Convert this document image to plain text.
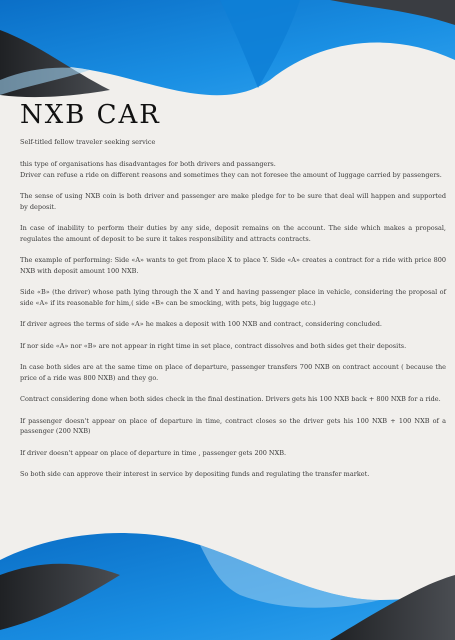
NXB CAR

Self-titled fellow traveler seeking service

this type of organisations has disadvantages for both drivers and passangers.
Driver can refuse a ride on different reasons and sometimes they can not foresee the amount of luggage carried by passengers.

The sense of using NXB coin is both driver and passenger are make pledge for to be sure that deal will happen and supported by deposit.

In case of inability to perform their duties by any side, deposit remains on the account. The side which makes a proposal, regulates the amount of deposit to be sure it takes responsibility and attracts contracts.

The example of performing: Side «A» wants to get from place X to place Y. Side «A» creates a contract for a ride with price 800 NXB with deposit amount 100 NXB.

Side «B» (the driver) whose path lying through the X and Y and having passenger place in vehicle, considering the proposal of side «A» if its reasonable for him,( side «B» can be smocking, with pets, big luggage etc.)

If driver agrees the terms of side «A» he makes a deposit with 100 NXB and contract, considering concluded.

If nor side «A» nor «B» are not appear in right time in set place, contract dissolves and both sides get their deposits.

In case both sides are at the same time on place of departure, passenger transfers 700 NXB on contract account ( because the price of a ride was 800 NXB) and they go.

Contract considering done when both sides check in the final destination. Drivers gets his 100 NXB back + 800 NXB for a ride.

If passenger doesn't appear on place of departure in time, contract closes so the driver gets his 100 NXB + 100 NXB of a passenger (200 NXB)

If driver doesn't appear on place of departure in time , passenger gets 200 NXB.

So both side can approve their interest in service by depositing funds and regulating the transfer market.
